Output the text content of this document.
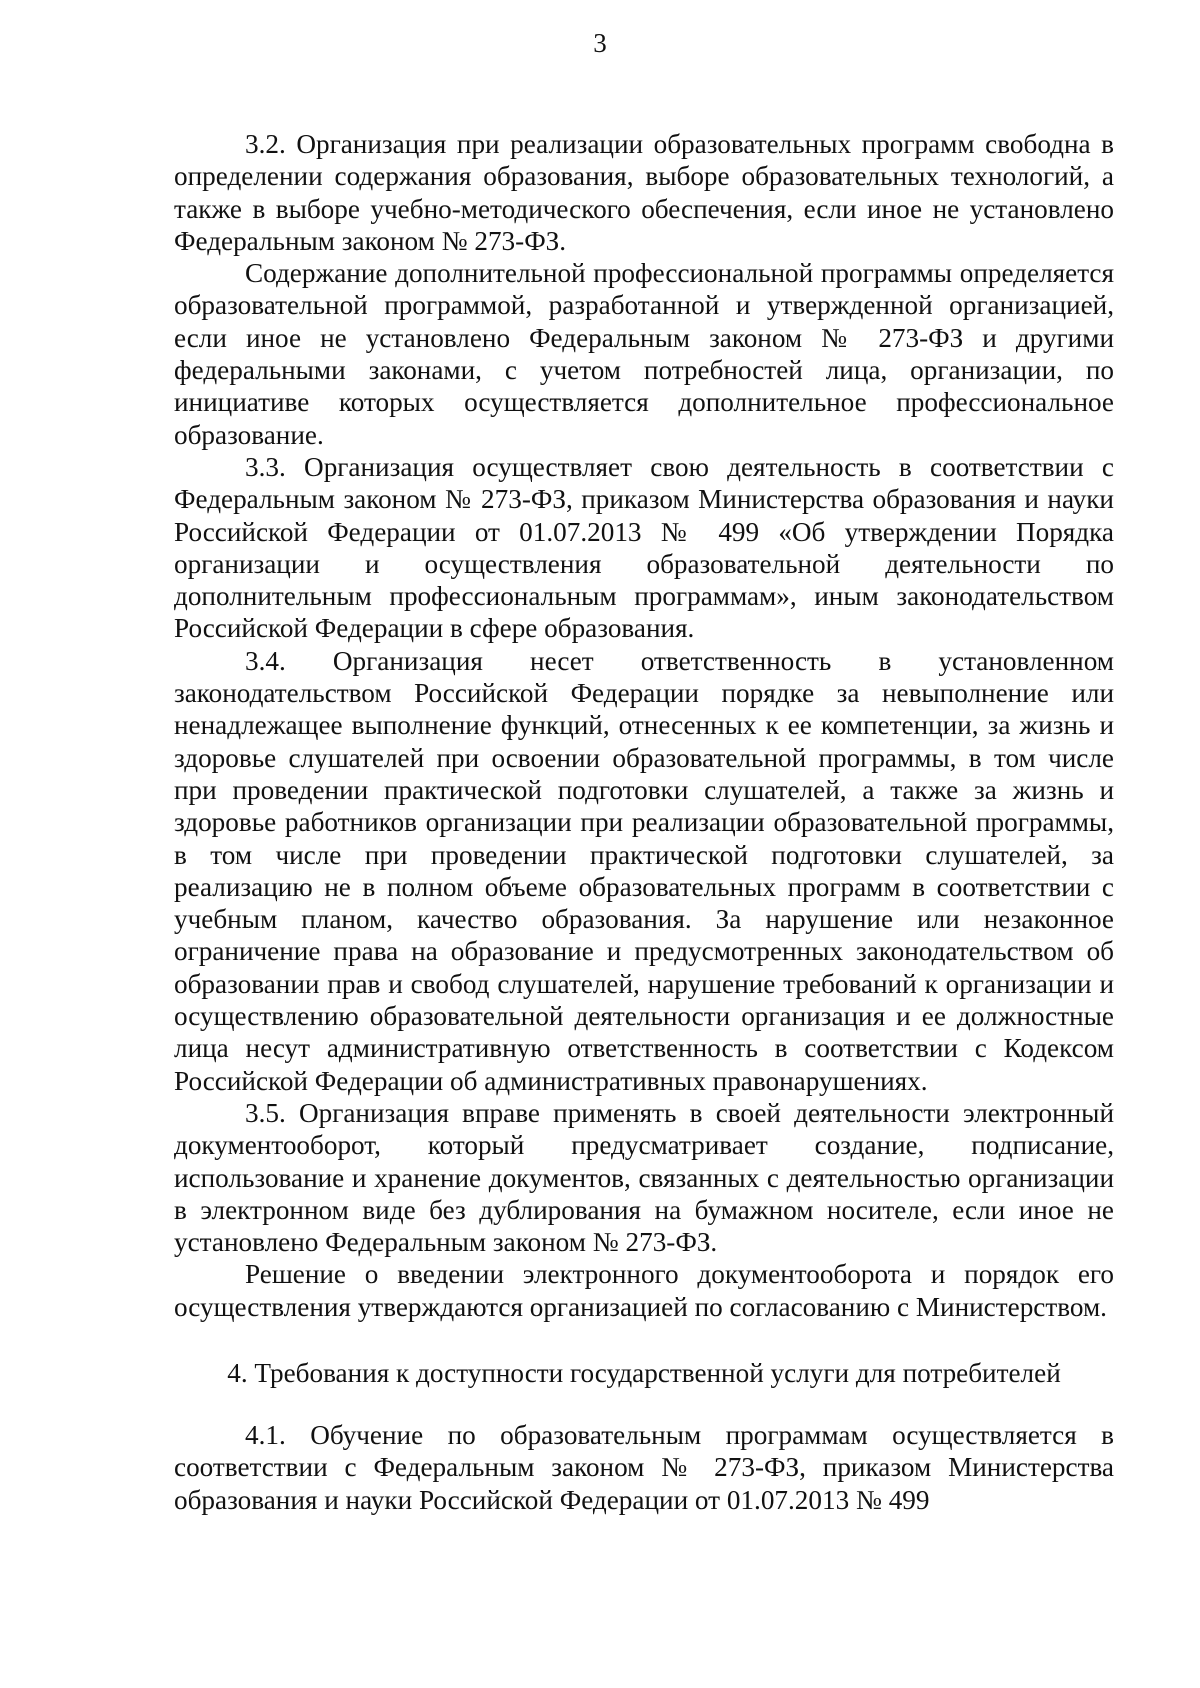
3

3.2. Организация при реализации образовательных программ свободна в определении содержания образования, выборе образовательных технологий, а также в выборе учебно-методического обеспечения, если иное не установлено Федеральным законом № 273-ФЗ.

Содержание дополнительной профессиональной программы определяется образовательной программой, разработанной и утвержденной организацией, если иное не установлено Федеральным законом № 273-ФЗ и другими федеральными законами, с учетом потребностей лица, организации, по инициативе которых осуществляется дополнительное профессиональное образование.

3.3. Организация осуществляет свою деятельность в соответствии с Федеральным законом № 273-ФЗ, приказом Министерства образования и науки Российской Федерации от 01.07.2013 № 499 «Об утверждении Порядка организации и осуществления образовательной деятельности по дополнительным профессиональным программам», иным законодательством Российской Федерации в сфере образования.

3.4. Организация несет ответственность в установленном законодательством Российской Федерации порядке за невыполнение или ненадлежащее выполнение функций, отнесенных к ее компетенции, за жизнь и здоровье слушателей при освоении образовательной программы, в том числе при проведении практической подготовки слушателей, а также за жизнь и здоровье работников организации при реализации образовательной программы, в том числе при проведении практической подготовки слушателей, за реализацию не в полном объеме образовательных программ в соответствии с учебным планом, качество образования. За нарушение или незаконное ограничение права на образование и предусмотренных законодательством об образовании прав и свобод слушателей, нарушение требований к организации и осуществлению образовательной деятельности организация и ее должностные лица несут административную ответственность в соответствии с Кодексом Российской Федерации об административных правонарушениях.

3.5. Организация вправе применять в своей деятельности электронный документооборот, который предусматривает создание, подписание, использование и хранение документов, связанных с деятельностью организации в электронном виде без дублирования на бумажном носителе, если иное не установлено Федеральным законом № 273-ФЗ.

Решение о введении электронного документооборота и порядок его осуществления утверждаются организацией по согласованию с Министерством.

4. Требования к доступности государственной услуги для потребителей

4.1. Обучение по образовательным программам осуществляется в соответствии с Федеральным законом № 273-ФЗ, приказом Министерства образования и науки Российской Федерации от 01.07.2013 № 499
